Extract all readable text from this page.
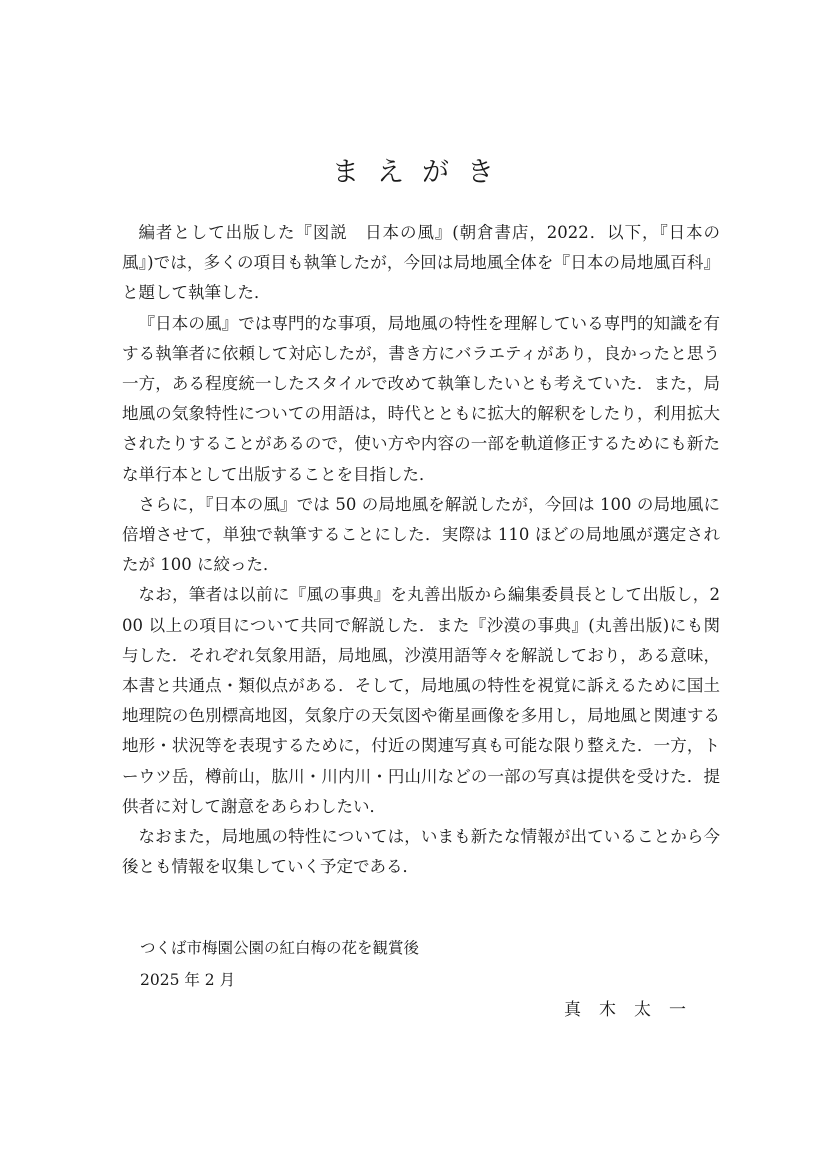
まえがき

編者として出版した『図説　日本の風』(朝倉書店，2022．以下，『日本の風』)では，多くの項目も執筆したが，今回は局地風全体を『日本の局地風百科』と題して執筆した．

『日本の風』では専門的な事項，局地風の特性を理解している専門的知識を有する執筆者に依頼して対応したが，書き方にバラエティがあり，良かったと思う一方，ある程度統一したスタイルで改めて執筆したいとも考えていた．また，局地風の気象特性についての用語は，時代とともに拡大的解釈をしたり，利用拡大されたりすることがあるので，使い方や内容の一部を軌道修正するためにも新たな単行本として出版することを目指した．

さらに，『日本の風』では 50 の局地風を解説したが，今回は 100 の局地風に倍増させて，単独で執筆することにした．実際は 110 ほどの局地風が選定されたが 100 に絞った．

なお，筆者は以前に『風の事典』を丸善出版から編集委員長として出版し，200 以上の項目について共同で解説した．また『沙漠の事典』(丸善出版)にも関与した．それぞれ気象用語，局地風，沙漠用語等々を解説しており，ある意味，本書と共通点・類似点がある．そして，局地風の特性を視覚に訴えるために国土地理院の色別標高地図，気象庁の天気図や衛星画像を多用し，局地風と関連する地形・状況等を表現するために，付近の関連写真も可能な限り整えた．一方，トーウツ岳，樽前山，肱川・川内川・円山川などの一部の写真は提供を受けた．提供者に対して謝意をあらわしたい．

なおまた，局地風の特性については，いまも新たな情報が出ていることから今後とも情報を収集していく予定である．

つくば市梅園公園の紅白梅の花を観賞後
2025 年 2 月
真木太一
